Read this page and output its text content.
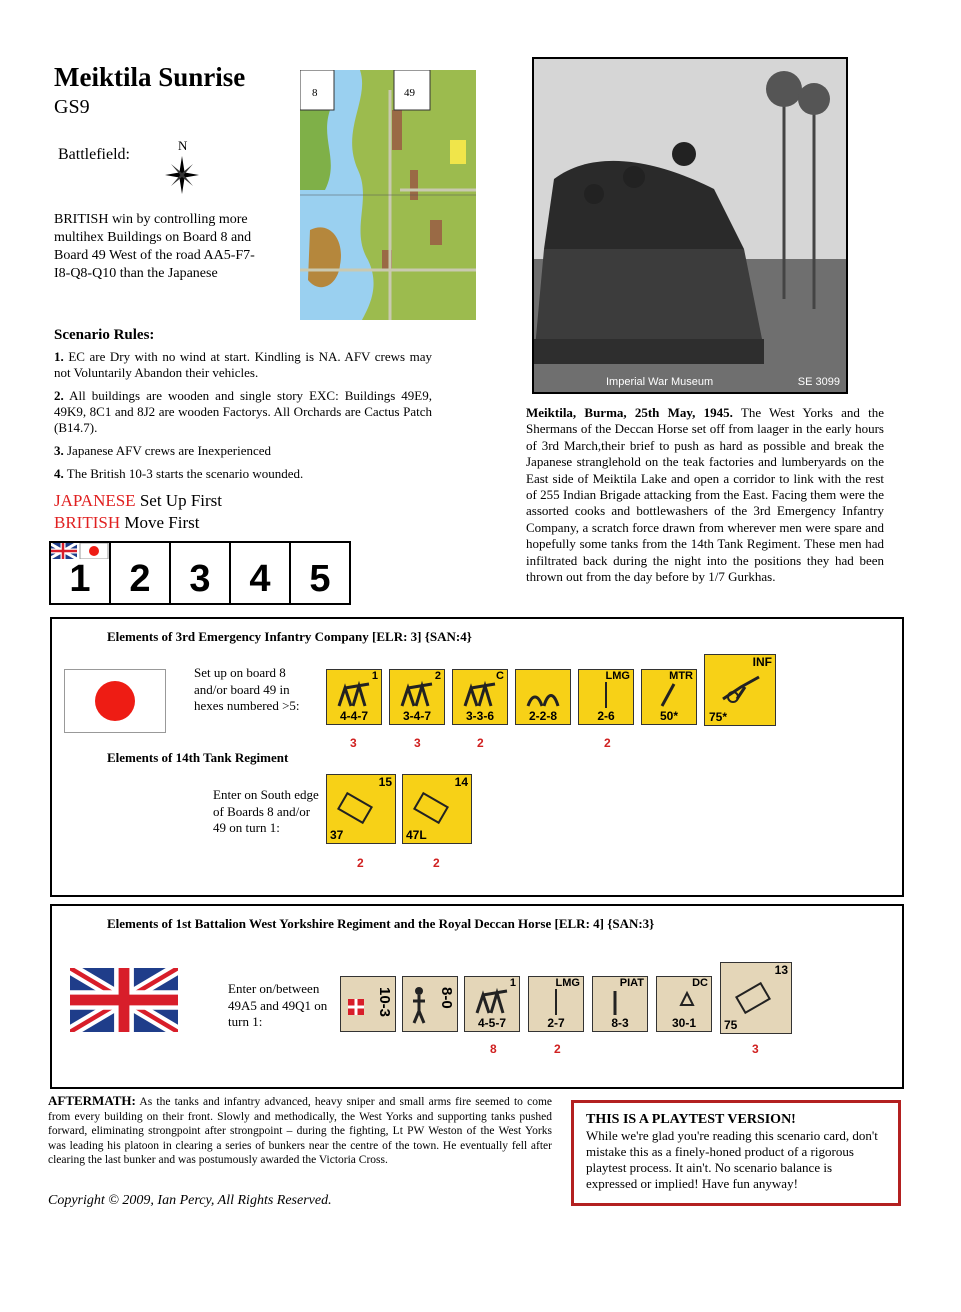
Meiktila Sunrise
GS9
Battlefield:
N
BRITISH win by controlling more multihex Buildings on Board 8 and Board 49 West of the road AA5-F7-I8-Q8-Q10 than the Japanese
8	49
Imperial War Museum	SE 3099
Scenario Rules:

1. EC are Dry with no wind at start. Kindling is NA. AFV crews may not Voluntarily Abandon their vehicles.

2. All buildings are wooden and single story EXC: Buildings 49E9, 49K9, 8C1 and 8J2 are wooden Factorys. All Orchards are Cactus Patch (B14.7).

3. Japanese AFV crews are Inexperienced

4. The British 10-3 starts the scenario wounded.

JAPANESE Set Up First
BRITISH Move First
1	2	3	4	5
Meiktila, Burma, 25th May, 1945. The West Yorks and the Shermans of the Deccan Horse set off from laager in the early hours of 3rd March,their brief to push as hard as possible and break the Japanese stranglehold on the teak factories and lumberyards on the East side of Meiktila Lake and open a corridor to link with the rest of 255 Indian Brigade attacking from the East. Facing them were the assorted cooks and bottlewashers of the 3rd Emergency Infantry Company, a scratch force drawn from wherever men were spare and hopefully some tanks from the 14th Tank Regiment. These men had infiltrated back during the night into the positions they had been thrown out from the day before by 1/7 Gurkhas.
Elements of 3rd Emergency Infantry Company [ELR: 3] {SAN:4}
Set up on board 8 and/or board 49 in hexes numbered >5:
1
4-4-7
2
3-4-7
C
3-3-6	2-2-8
LMG
2-6
MTR
50*
INF
75*
3	3	2	2
Elements of 14th Tank Regiment
Enter on South edge of Boards 8 and/or 49 on turn 1:
15
37
14
47L
2	2
Elements of 1st Battalion West Yorkshire Regiment and the Royal Deccan Horse [ELR: 4] {SAN:3}
Enter on/between 49A5 and 49Q1 on turn 1:
10-3	8-0
1
4-5-7
LMG
2-7
PIAT
8-3
DC
30-1
13
75
8	2	3
AFTERMATH: As the tanks and infantry advanced, heavy sniper and small arms fire seemed to come from every building on their front. Slowly and methodically, the West Yorks and supporting tanks pushed forward, eliminating strongpoint after strongpoint – during the fighting, Lt PW Weston of the West Yorks was leading his platoon in clearing a series of bunkers near the centre of the town. He eventually fell after clearing the last bunker and was postumously awarded the Victoria Cross.
Copyright © 2009, Ian Percy, All Rights Reserved.
THIS IS A PLAYTEST VERSION!
While we're glad you're reading this scenario card, don't mistake this as a finely-honed product of a rigorous playtest process. It ain't. No scenario balance is expressed or implied! Have fun anyway!
